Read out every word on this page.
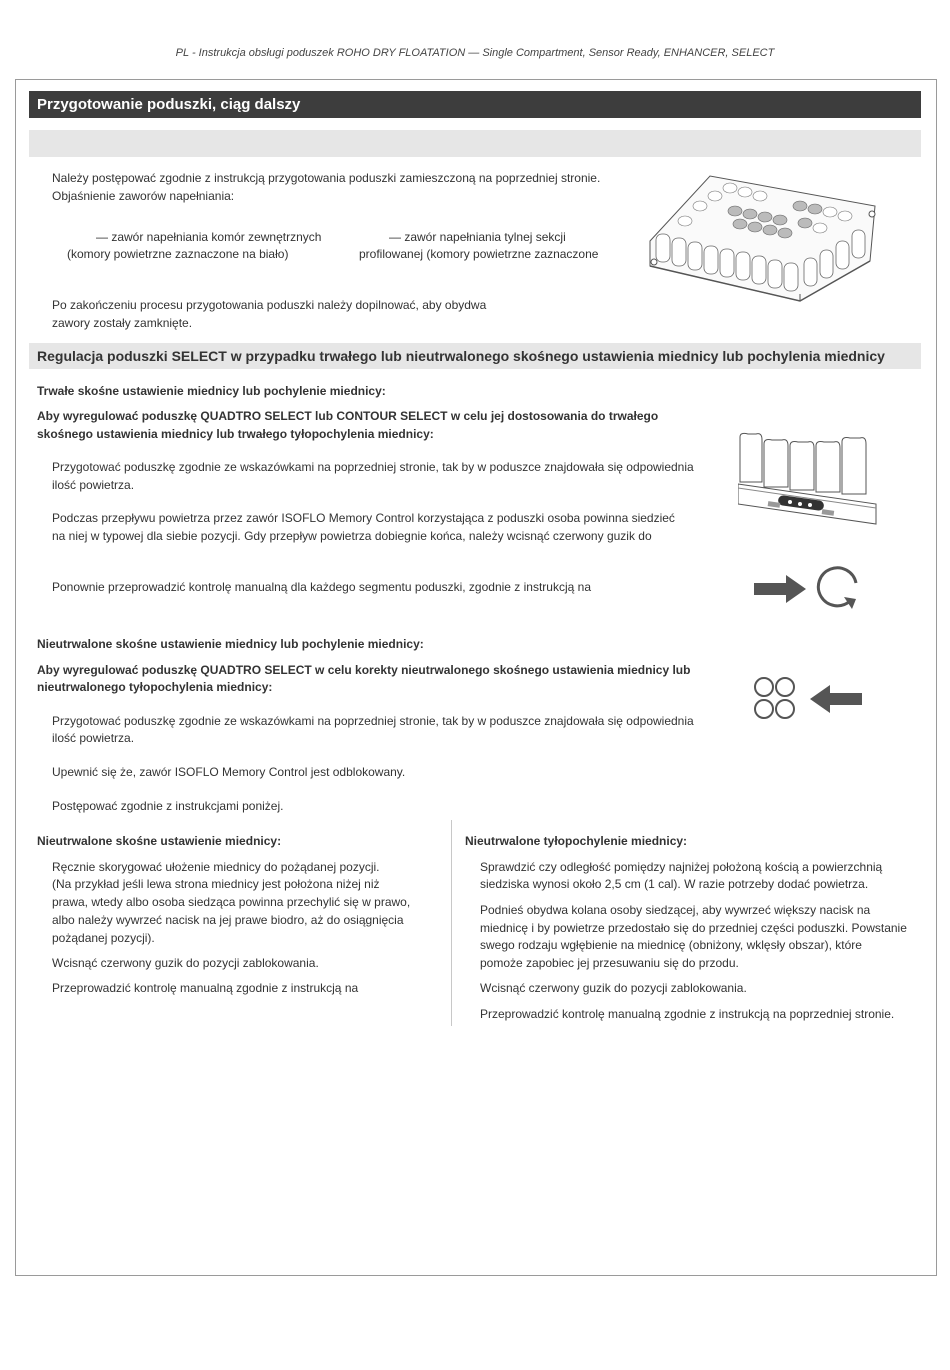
PL - Instrukcja obsługi poduszek ROHO DRY FLOATATION — Single Compartment, Sensor Ready, ENHANCER, SELECT
Przygotowanie poduszki, ciąg dalszy
Należy postępować zgodnie z instrukcją przygotowania poduszki zamieszczoną na poprzedniej stronie.
Objaśnienie zaworów napełniania:
— zawór napełniania komór zewnętrznych
(komory powietrzne zaznaczone na biało)
— zawór napełniania tylnej sekcji
profilowanej (komory powietrzne zaznaczone
Po zakończeniu procesu przygotowania poduszki należy dopilnować, aby obydwa
zawory zostały zamknięte.
Regulacja poduszki SELECT w przypadku trwałego lub nieutrwalonego skośnego ustawienia miednicy lub pochylenia miednicy
Trwałe skośne ustawienie miednicy lub pochylenie miednicy:
Aby wyregulować poduszkę QUADTRO SELECT lub CONTOUR SELECT w celu jej dostosowania do trwałego
skośnego ustawienia miednicy lub trwałego tyłopochylenia miednicy:
Przygotować poduszkę zgodnie ze wskazówkami na poprzedniej stronie, tak by w poduszce znajdowała się odpowiednia
ilość powietrza.
Podczas przepływu powietrza przez zawór ISOFLO Memory Control korzystająca z poduszki osoba powinna siedzieć
na niej w typowej dla siebie pozycji. Gdy przepływ powietrza dobiegnie końca, należy wcisnąć czerwony guzik do
Ponownie przeprowadzić kontrolę manualną dla każdego segmentu poduszki, zgodnie z instrukcją na
Nieutrwalone skośne ustawienie miednicy lub pochylenie miednicy:
Aby wyregulować poduszkę QUADTRO SELECT w celu korekty nieutrwalonego skośnego ustawienia miednicy lub
nieutrwalonego tyłopochylenia miednicy:
Przygotować poduszkę zgodnie ze wskazówkami na poprzedniej stronie, tak by w poduszce znajdowała się odpowiednia
ilość powietrza.
Upewnić się że, zawór ISOFLO Memory Control jest odblokowany.
Postępować zgodnie z instrukcjami poniżej.
Nieutrwalone skośne ustawienie miednicy:
Ręcznie skorygować ułożenie miednicy do pożądanej pozycji.
(Na przykład jeśli lewa strona miednicy jest położona niżej niż
prawa, wtedy albo osoba siedząca powinna przechylić się w prawo,
albo należy wywrzeć nacisk na jej prawe biodro, aż do osiągnięcia
pożądanej pozycji).
Wcisnąć czerwony guzik do pozycji zablokowania.
Przeprowadzić kontrolę manualną zgodnie z instrukcją na
Nieutrwalone tyłopochylenie miednicy:
Sprawdzić czy odległość pomiędzy najniżej położoną kością a powierzchnią
siedziska wynosi około 2,5 cm (1 cal). W razie potrzeby dodać powietrza.
Podnieś obydwa kolana osoby siedzącej, aby wywrzeć większy nacisk na
miednicę i by powietrze przedostało się do przedniej części poduszki. Powstanie
swego rodzaju wgłębienie na miednicę (obniżony, wklęsły obszar), które
pomoże zapobiec jej przesuwaniu się do przodu.
Wcisnąć czerwony guzik do pozycji zablokowania.
Przeprowadzić kontrolę manualną zgodnie z instrukcją na poprzedniej stronie.
